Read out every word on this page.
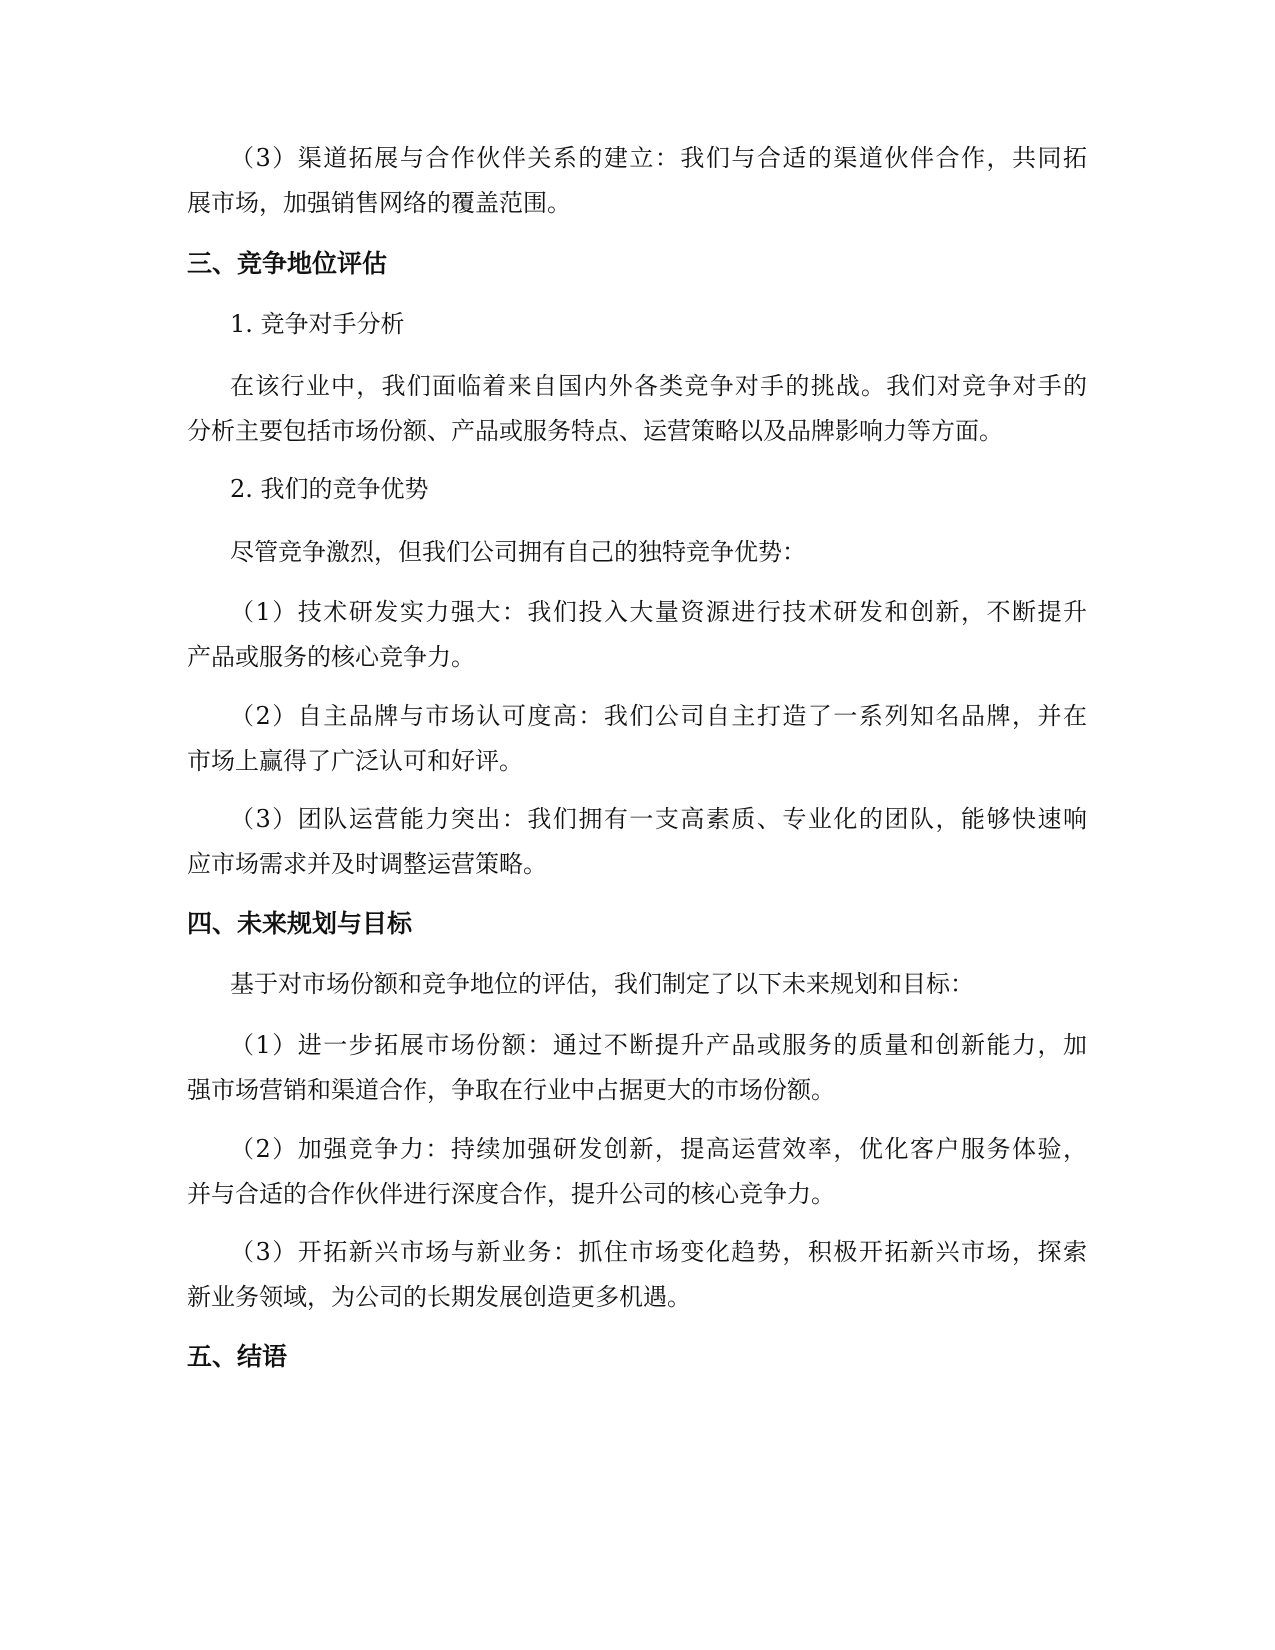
（3）渠道拓展与合作伙伴关系的建立：我们与合适的渠道伙伴合作，共同拓
展市场，加强销售网络的覆盖范围。

三、竞争地位评估

1. 竞争对手分析

在该行业中，我们面临着来自国内外各类竞争对手的挑战。我们对竞争对手的
分析主要包括市场份额、产品或服务特点、运营策略以及品牌影响力等方面。

2. 我们的竞争优势

尽管竞争激烈，但我们公司拥有自己的独特竞争优势：

（1）技术研发实力强大：我们投入大量资源进行技术研发和创新，不断提升
产品或服务的核心竞争力。

（2）自主品牌与市场认可度高：我们公司自主打造了一系列知名品牌，并在
市场上赢得了广泛认可和好评。

（3）团队运营能力突出：我们拥有一支高素质、专业化的团队，能够快速响
应市场需求并及时调整运营策略。

四、未来规划与目标

基于对市场份额和竞争地位的评估，我们制定了以下未来规划和目标：

（1）进一步拓展市场份额：通过不断提升产品或服务的质量和创新能力，加
强市场营销和渠道合作，争取在行业中占据更大的市场份额。

（2）加强竞争力：持续加强研发创新，提高运营效率，优化客户服务体验，
并与合适的合作伙伴进行深度合作，提升公司的核心竞争力。

（3）开拓新兴市场与新业务：抓住市场变化趋势，积极开拓新兴市场，探索
新业务领域，为公司的长期发展创造更多机遇。

五、结语
